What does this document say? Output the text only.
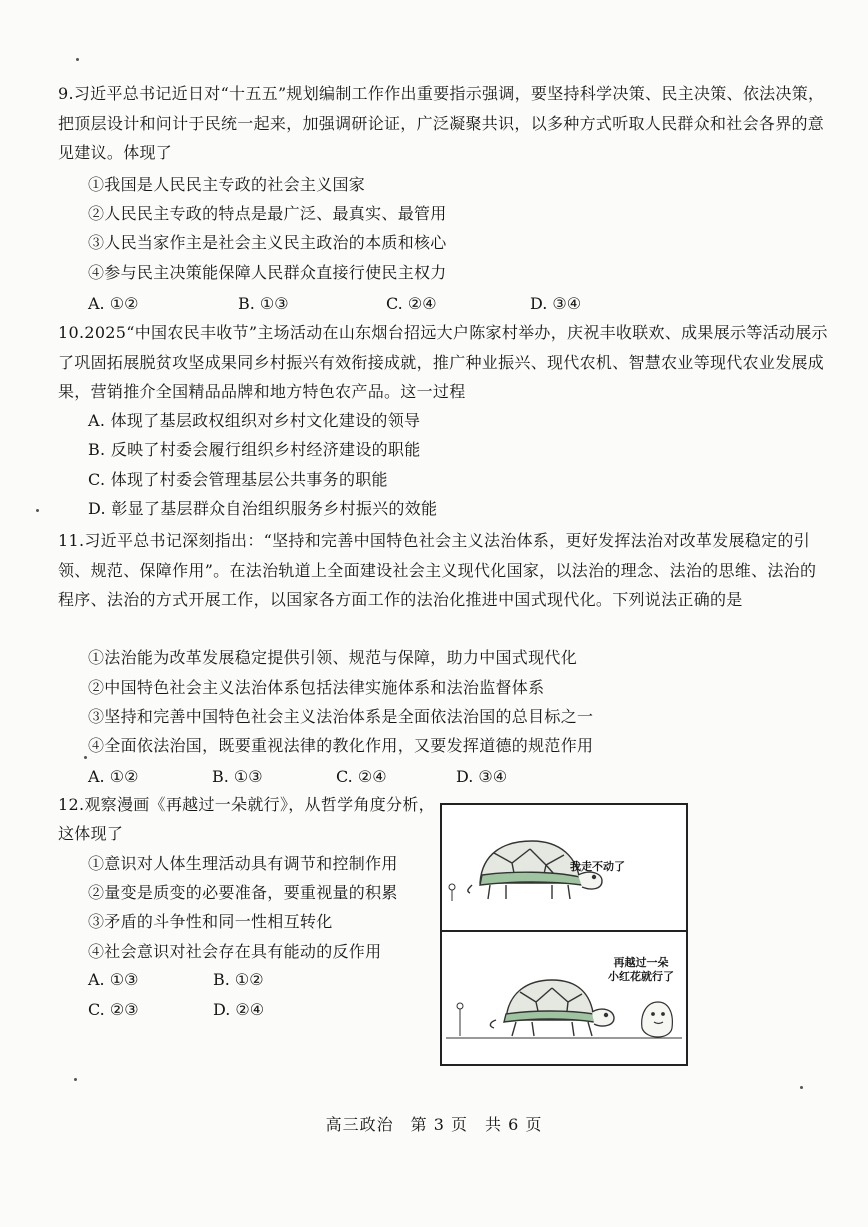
9.习近平总书记近日对“十五五”规划编制工作作出重要指示强调，要坚持科学决策、民主决策、依法决策，把顶层设计和问计于民统一起来，加强调研论证，广泛凝聚共识，以多种方式听取人民群众和社会各界的意见建议。体现了
①我国是人民民主专政的社会主义国家
②人民民主专政的特点是最广泛、最真实、最管用
③人民当家作主是社会主义民主政治的本质和核心
④参与民主决策能保障人民群众直接行使民主权力
A. ①②	B. ①③	C. ②④	D. ③④
10.2025“中国农民丰收节”主场活动在山东烟台招远大户陈家村举办，庆祝丰收联欢、成果展示等活动展示了巩固拓展脱贫攻坚成果同乡村振兴有效衔接成就，推广种业振兴、现代农机、智慧农业等现代农业发展成果，营销推介全国精品品牌和地方特色农产品。这一过程
A. 体现了基层政权组织对乡村文化建设的领导
B. 反映了村委会履行组织乡村经济建设的职能
C. 体现了村委会管理基层公共事务的职能
D. 彰显了基层群众自治组织服务乡村振兴的效能
11.习近平总书记深刻指出：“坚持和完善中国特色社会主义法治体系，更好发挥法治对改革发展稳定的引领、规范、保障作用”。在法治轨道上全面建设社会主义现代化国家，以法治的理念、法治的思维、法治的程序、法治的方式开展工作，以国家各方面工作的法治化推进中国式现代化。下列说法正确的是
①法治能为改革发展稳定提供引领、规范与保障，助力中国式现代化
②中国特色社会主义法治体系包括法律实施体系和法治监督体系
③坚持和完善中国特色社会主义法治体系是全面依法治国的总目标之一
④全面依法治国，既要重视法律的教化作用，又要发挥道德的规范作用
A. ①②	B. ①③	C. ②④	D. ③④
12.观察漫画《再越过一朵就行》，从哲学角度分析，
这体现了
①意识对人体生理活动具有调节和控制作用
②量变是质变的必要准备，要重视量的积累
③矛盾的斗争性和同一性相互转化
④社会意识对社会存在具有能动的反作用
A. ①③	B. ①②
C. ②③	D. ②④
我走不动了
再越过一朵
小红花就行了
高三政治　第 3 页　共 6 页
